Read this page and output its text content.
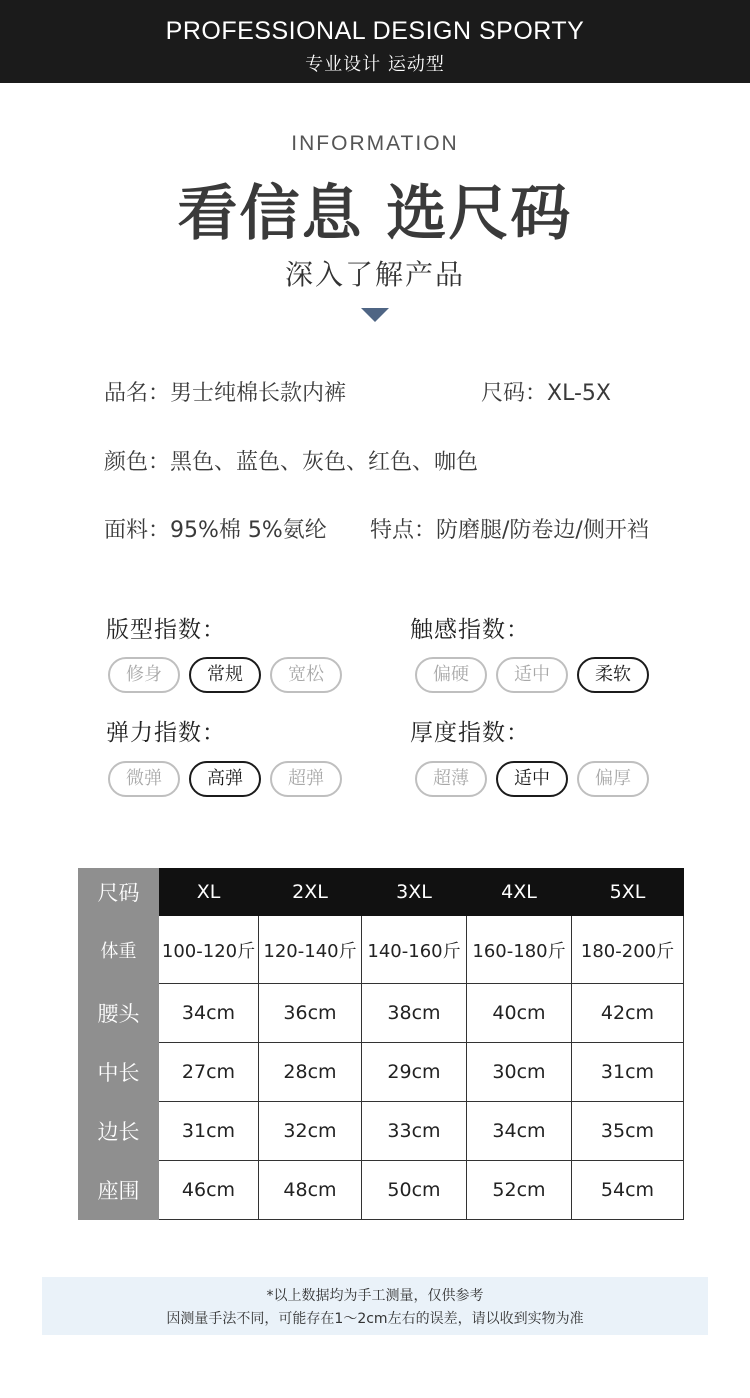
PROFESSIONAL DESIGN SPORTY
专业设计 运动型
INFORMATION
看信息 选尺码
深入了解产品
品名：男士纯棉长款内裤	尺码：XL-5X
颜色：黑色、蓝色、灰色、红色、咖色
面料：95%棉 5%氨纶 特点：防磨腿/防卷边/侧开裆
版型指数：
修身	常规	宽松
触感指数：
偏硬	适中	柔软
弹力指数：
微弹	高弹	超弹
厚度指数：
超薄	适中	偏厚
尺码	XL	2XL	3XL	4XL	5XL
体重	100-120斤	120-140斤	140-160斤	160-180斤	180-200斤
腰头	34cm	36cm	38cm	40cm	42cm
中长	27cm	28cm	29cm	30cm	31cm
边长	31cm	32cm	33cm	34cm	35cm
座围	46cm	48cm	50cm	52cm	54cm
*以上数据均为手工测量，仅供参考
因测量手法不同，可能存在1～2cm左右的误差，请以收到实物为准
